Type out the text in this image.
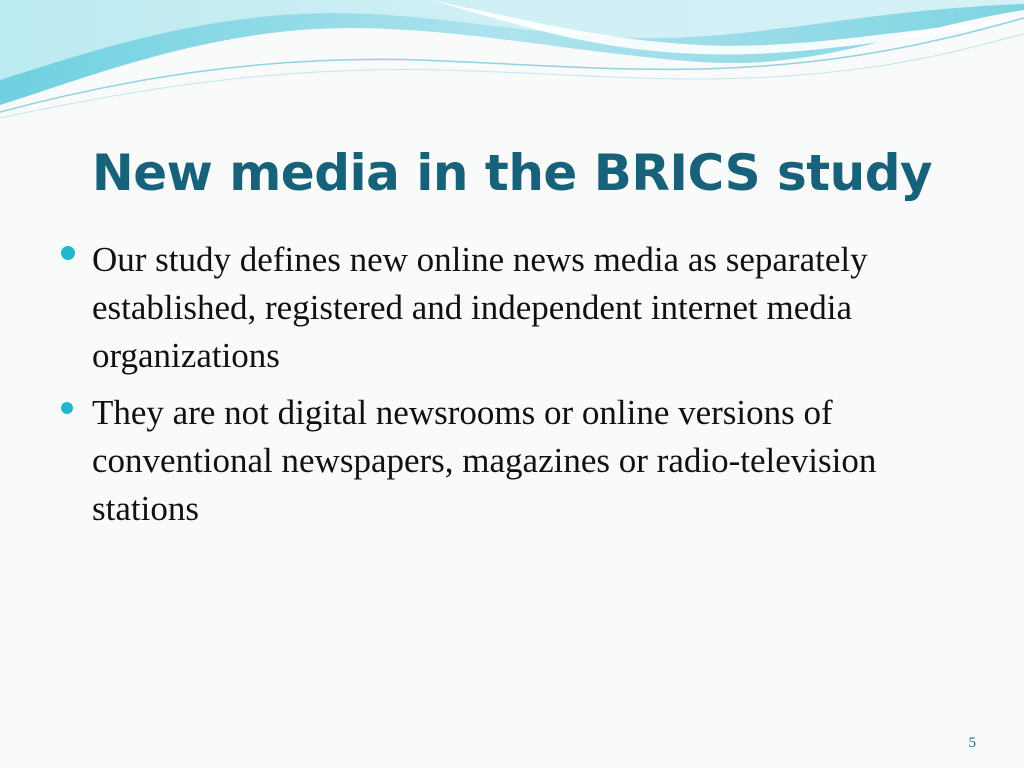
New media in the BRICS study
Our study defines new online news media as separately established, registered and independent internet media organizations
They are not digital newsrooms or online versions of conventional newspapers, magazines or radio-television stations
5
